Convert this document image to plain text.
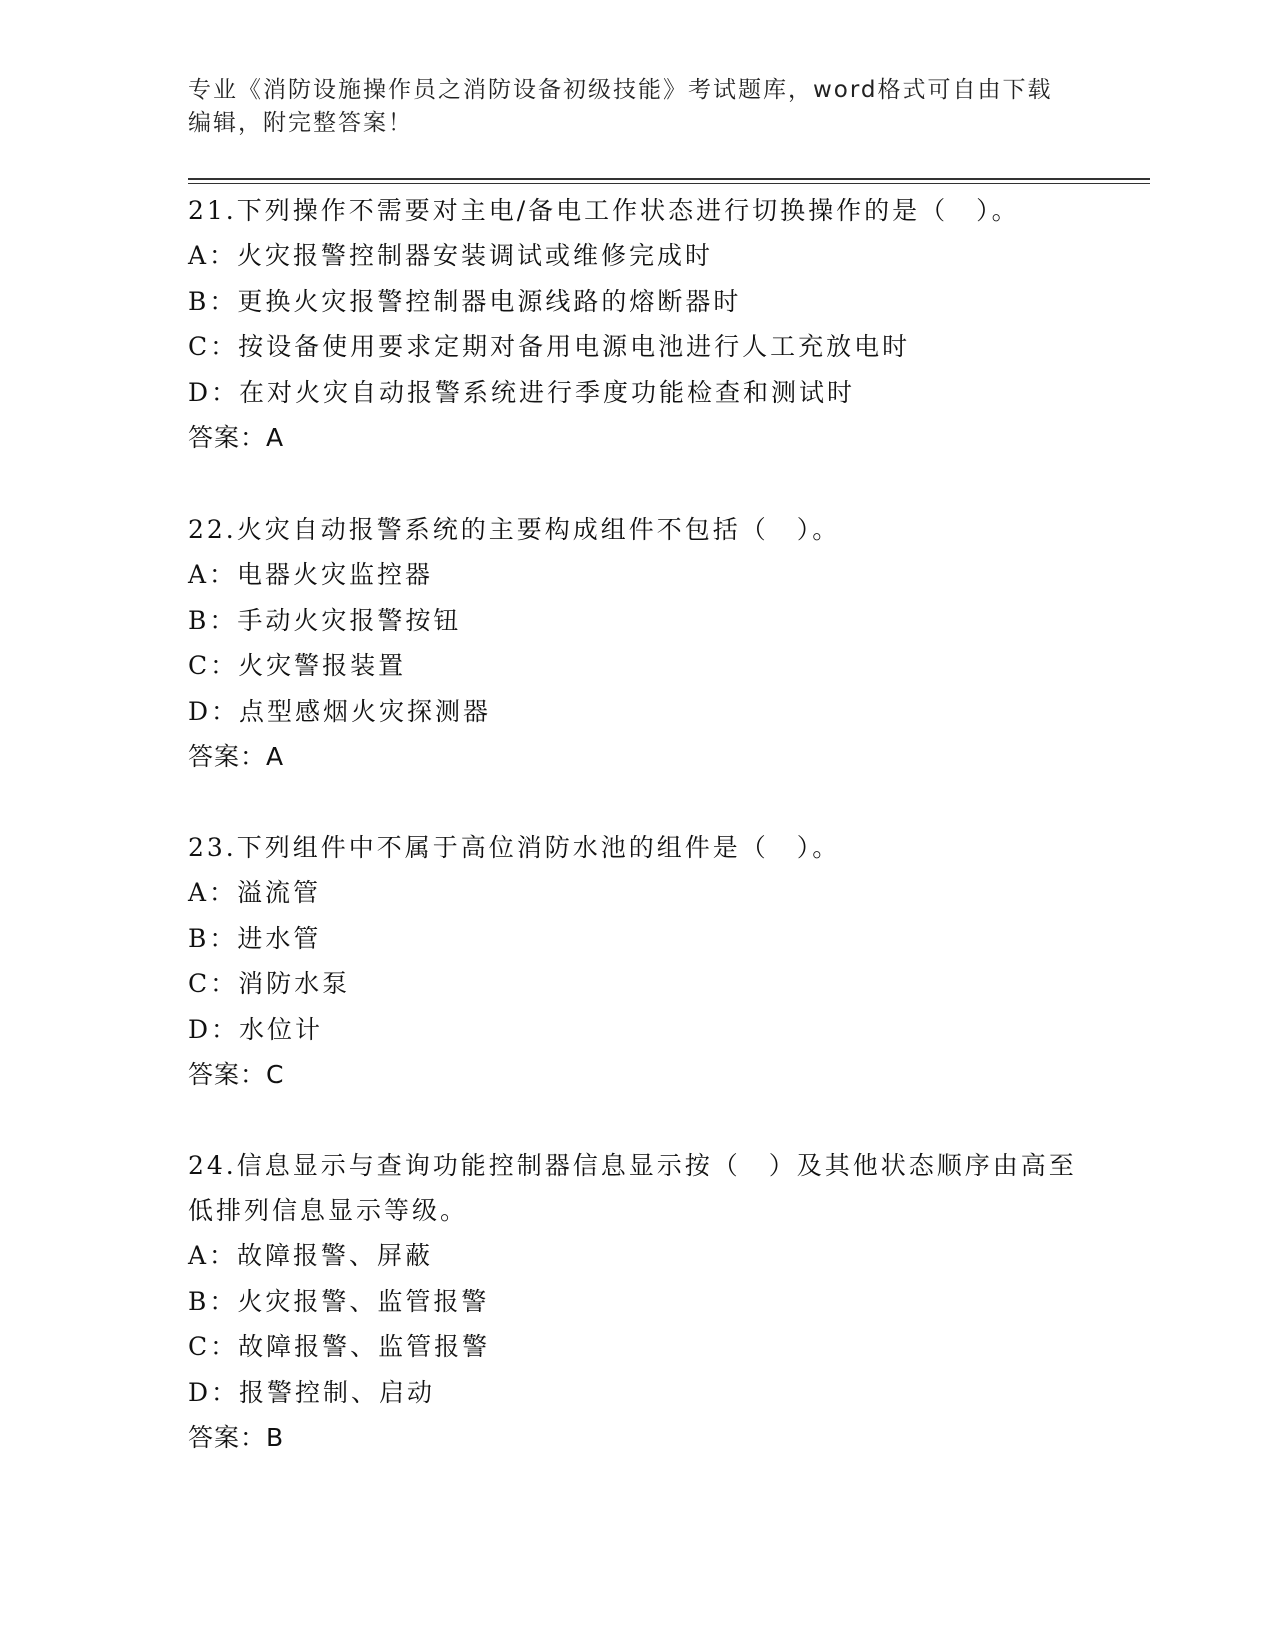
专业《消防设施操作员之消防设备初级技能》考试题库，word格式可自由下载编辑，附完整答案！

21.下列操作不需要对主电/备电工作状态进行切换操作的是（　）。

A：火灾报警控制器安装调试或维修完成时

B：更换火灾报警控制器电源线路的熔断器时

C：按设备使用要求定期对备用电源电池进行人工充放电时

D：在对火灾自动报警系统进行季度功能检查和测试时

答案：A

22.火灾自动报警系统的主要构成组件不包括（　）。

A：电器火灾监控器

B：手动火灾报警按钮

C：火灾警报装置

D：点型感烟火灾探测器

答案：A

23.下列组件中不属于高位消防水池的组件是（　）。

A：溢流管

B：进水管

C：消防水泵

D：水位计

答案：C

24.信息显示与查询功能控制器信息显示按（　）及其他状态顺序由高至低排列信息显示等级。

A：故障报警、屏蔽

B：火灾报警、监管报警

C：故障报警、监管报警

D：报警控制、启动

答案：B
